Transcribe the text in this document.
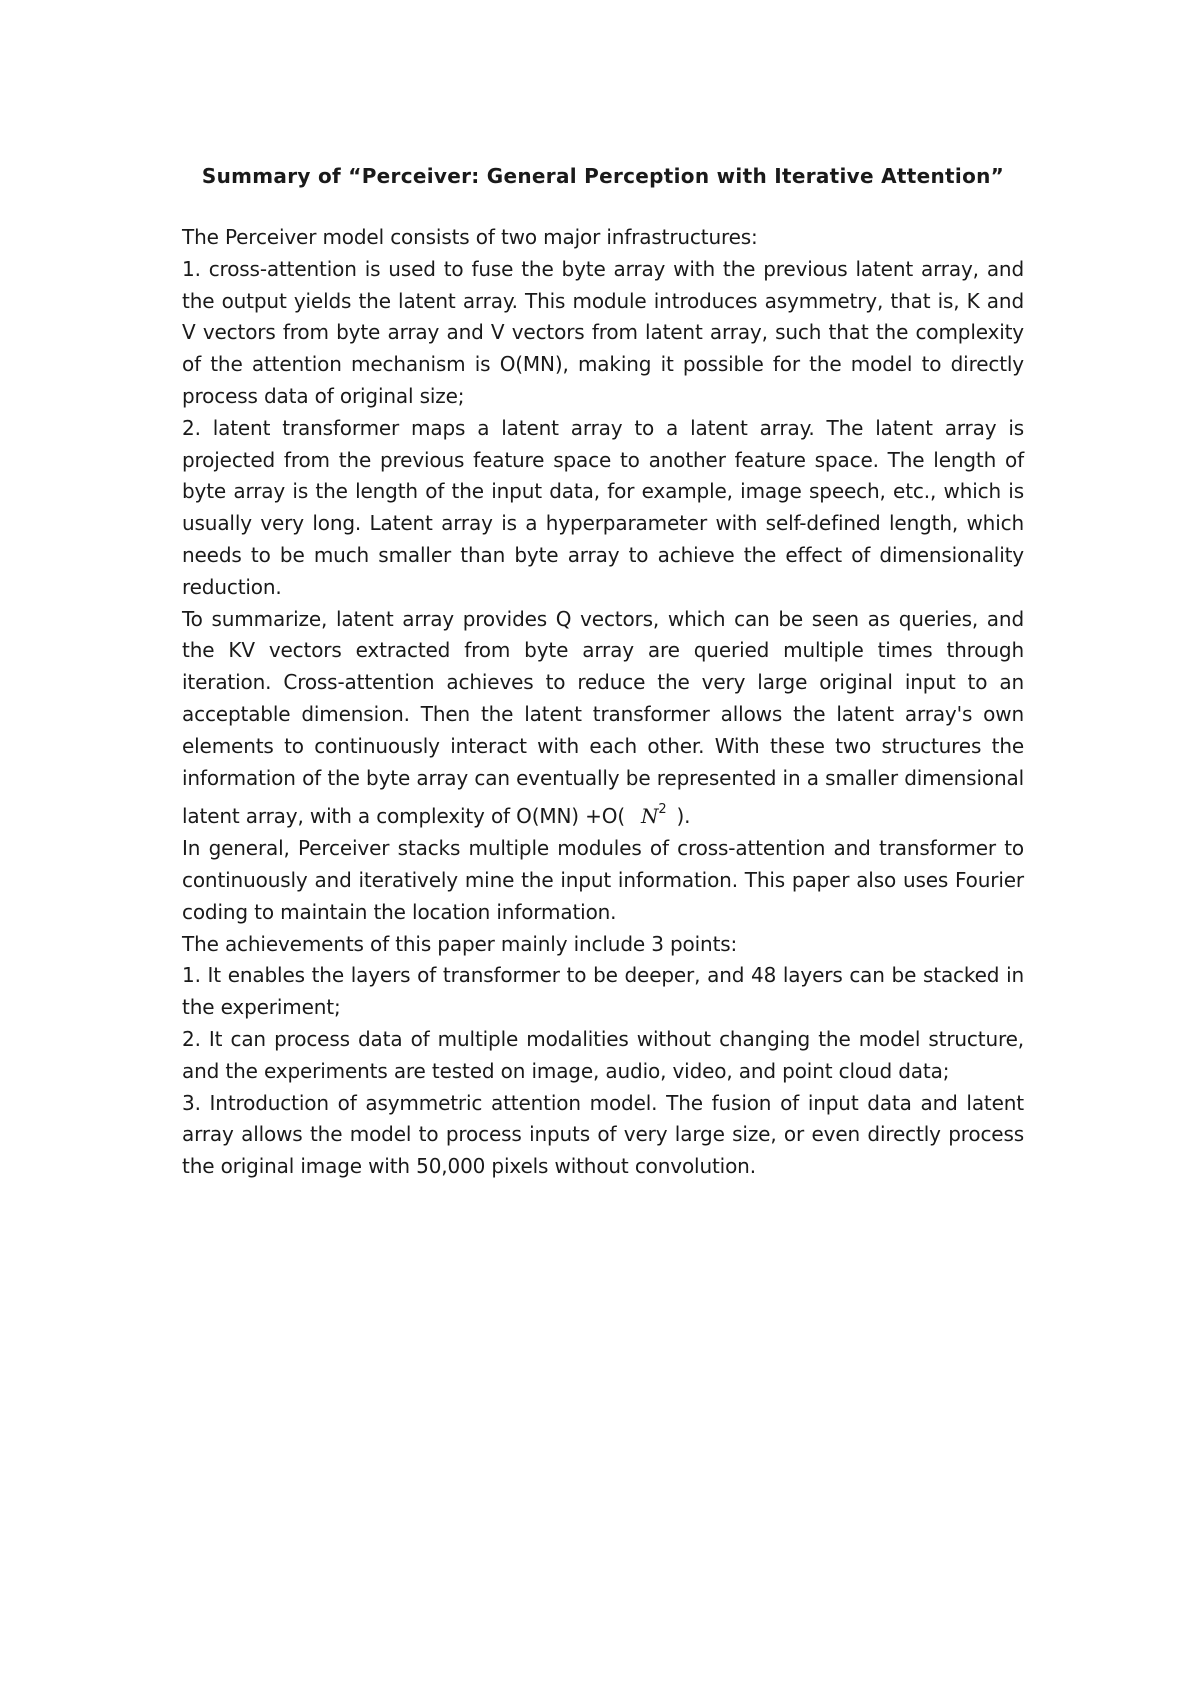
Summary of “Perceiver: General Perception with Iterative Attention”

The Perceiver model consists of two major infrastructures:

1. cross-attention is used to fuse the byte array with the previous latent array, and the output yields the latent array. This module introduces asymmetry, that is, K and V vectors from byte array and V vectors from latent array, such that the complexity of the attention mechanism is O(MN), making it possible for the model to directly process data of original size;

2. latent transformer maps a latent array to a latent array. The latent array is projected from the previous feature space to another feature space. The length of byte array is the length of the input data, for example, image speech, etc., which is usually very long. Latent array is a hyperparameter with self-defined length, which needs to be much smaller than byte array to achieve the effect of dimensionality reduction.

To summarize, latent array provides Q vectors, which can be seen as queries, and the KV vectors extracted from byte array are queried multiple times through iteration. Cross-attention achieves to reduce the very large original input to an acceptable dimension. Then the latent transformer allows the latent array's own elements to continuously interact with each other. With these two structures the information of the byte array can eventually be represented in a smaller dimensional latent array, with a complexity of O(MN) +O( $N^2$ ).

In general, Perceiver stacks multiple modules of cross-attention and transformer to continuously and iteratively mine the input information. This paper also uses Fourier coding to maintain the location information.

The achievements of this paper mainly include 3 points:

1. It enables the layers of transformer to be deeper, and 48 layers can be stacked in the experiment;

2. It can process data of multiple modalities without changing the model structure, and the experiments are tested on image, audio, video, and point cloud data;

3. Introduction of asymmetric attention model. The fusion of input data and latent array allows the model to process inputs of very large size, or even directly process the original image with 50,000 pixels without convolution.
